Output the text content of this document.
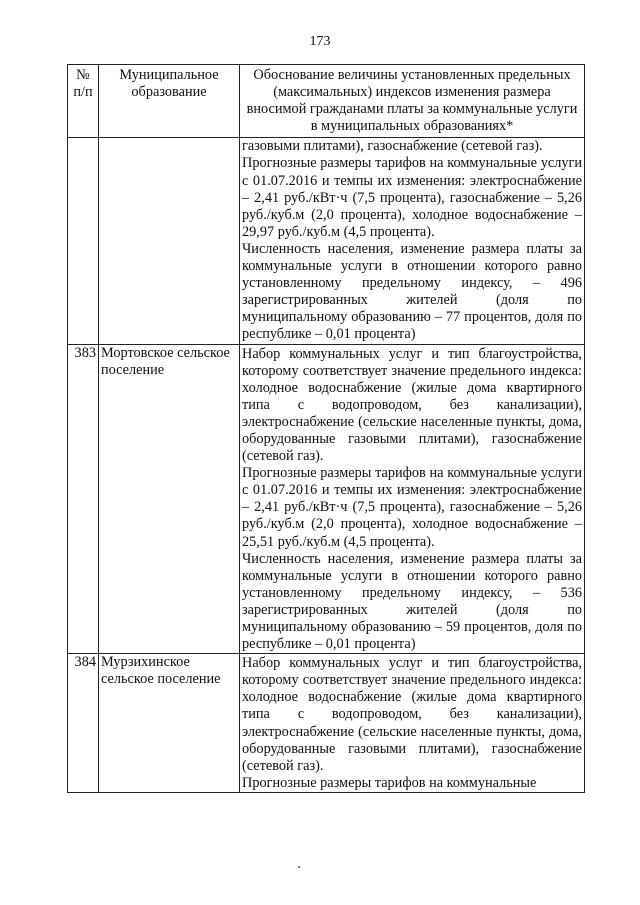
173
№
п/п	Муниципальное образование	Обоснование величины установленных предельных (максимальных) индексов изменения размера вносимой гражданами платы за коммунальные услуги в муниципальных образованиях*

		газовыми плитами), газоснабжение (сетевой газ).
Прогнозные размеры тарифов на коммунальные услуги с 01.07.2016 и темпы их изменения: электроснабжение – 2,41 руб./кВт·ч (7,5 процента), газоснабжение – 5,26 руб./куб.м (2,0 процента), холодное водоснабжение – 29,97 руб./куб.м (4,5 процента).
Численность населения, изменение размера платы за коммунальные услуги в отношении которого равно установленному предельному индексу, – 496 зарегистрированных жителей (доля по муниципальному образованию – 77 процентов, доля по республике – 0,01 процента)

383	Мортовское сельское поселение	Набор коммунальных услуг и тип благоустройства, которому соответствует значение предельного индекса: холодное водоснабжение (жилые дома квартирного типа с водопроводом, без канализации), электроснабжение (сельские населенные пункты, дома, оборудованные газовыми плитами), газоснабжение (сетевой газ).
Прогнозные размеры тарифов на коммунальные услуги с 01.07.2016 и темпы их изменения: электроснабжение – 2,41 руб./кВт·ч (7,5 процента), газоснабжение – 5,26 руб./куб.м (2,0 процента), холодное водоснабжение – 25,51 руб./куб.м (4,5 процента).
Численность населения, изменение размера платы за коммунальные услуги в отношении которого равно установленному предельному индексу, – 536 зарегистрированных жителей (доля по муниципальному образованию – 59 процентов, доля по республике – 0,01 процента)

384	Мурзихинское сельское поселение	Набор коммунальных услуг и тип благоустройства, которому соответствует значение предельного индекса: холодное водоснабжение (жилые дома квартирного типа с водопроводом, без канализации), электроснабжение (сельские населенные пункты, дома, оборудованные газовыми плитами), газоснабжение (сетевой газ).
Прогнозные размеры тарифов на коммунальные
